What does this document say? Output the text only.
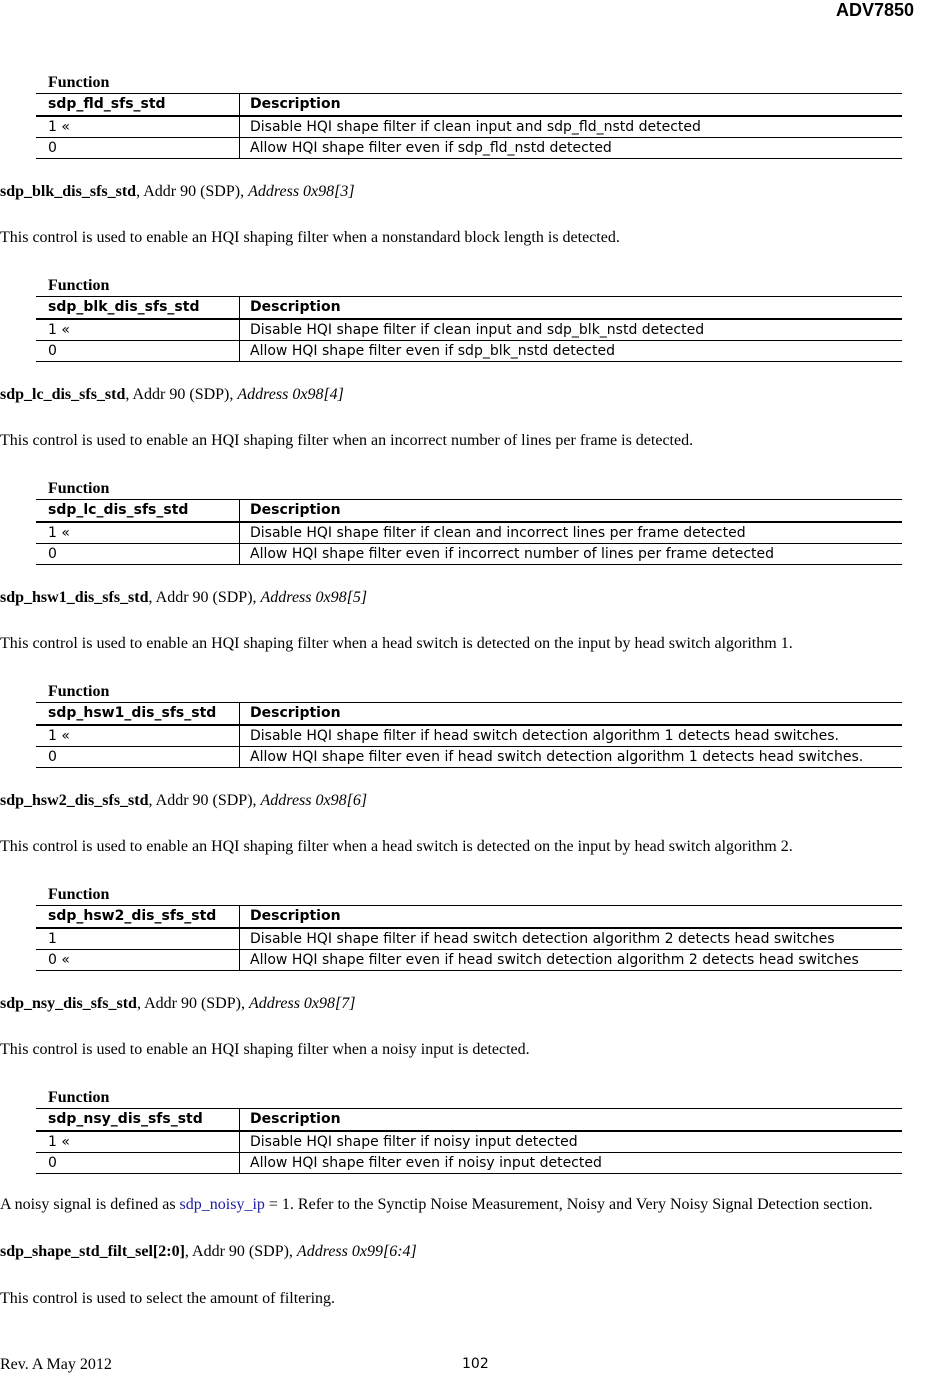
ADV7850
Function
sdp_fld_sfs_std	Description
1 «	Disable HQI shape filter if clean input and sdp_fld_nstd detected
0	Allow HQI shape filter even if sdp_fld_nstd detected
sdp_blk_dis_sfs_std, Addr 90 (SDP), Address 0x98[3]
This control is used to enable an HQI shaping filter when a nonstandard block length is detected.
Function
sdp_blk_dis_sfs_std	Description
1 «	Disable HQI shape filter if clean input and sdp_blk_nstd detected
0	Allow HQI shape filter even if sdp_blk_nstd detected
sdp_lc_dis_sfs_std, Addr 90 (SDP), Address 0x98[4]
This control is used to enable an HQI shaping filter when an incorrect number of lines per frame is detected.
Function
sdp_lc_dis_sfs_std	Description
1 «	Disable HQI shape filter if clean and incorrect lines per frame detected
0	Allow HQI shape filter even if incorrect number of lines per frame detected
sdp_hsw1_dis_sfs_std, Addr 90 (SDP), Address 0x98[5]
This control is used to enable an HQI shaping filter when a head switch is detected on the input by head switch algorithm 1.
Function
sdp_hsw1_dis_sfs_std	Description
1 «	Disable HQI shape filter if head switch detection algorithm 1 detects head switches.
0	Allow HQI shape filter even if head switch detection algorithm 1 detects head switches.
sdp_hsw2_dis_sfs_std, Addr 90 (SDP), Address 0x98[6]
This control is used to enable an HQI shaping filter when a head switch is detected on the input by head switch algorithm 2.
Function
sdp_hsw2_dis_sfs_std	Description
1	Disable HQI shape filter if head switch detection algorithm 2 detects head switches
0 «	Allow HQI shape filter even if head switch detection algorithm 2 detects head switches
sdp_nsy_dis_sfs_std, Addr 90 (SDP), Address 0x98[7]
This control is used to enable an HQI shaping filter when a noisy input is detected.
Function
sdp_nsy_dis_sfs_std	Description
1 «	Disable HQI shape filter if noisy input detected
0	Allow HQI shape filter even if noisy input detected
A noisy signal is defined as sdp_noisy_ip = 1. Refer to the Synctip Noise Measurement, Noisy and Very Noisy Signal Detection section.
sdp_shape_std_filt_sel[2:0], Addr 90 (SDP), Address 0x99[6:4]
This control is used to select the amount of filtering.
Rev. A May 2012	102
